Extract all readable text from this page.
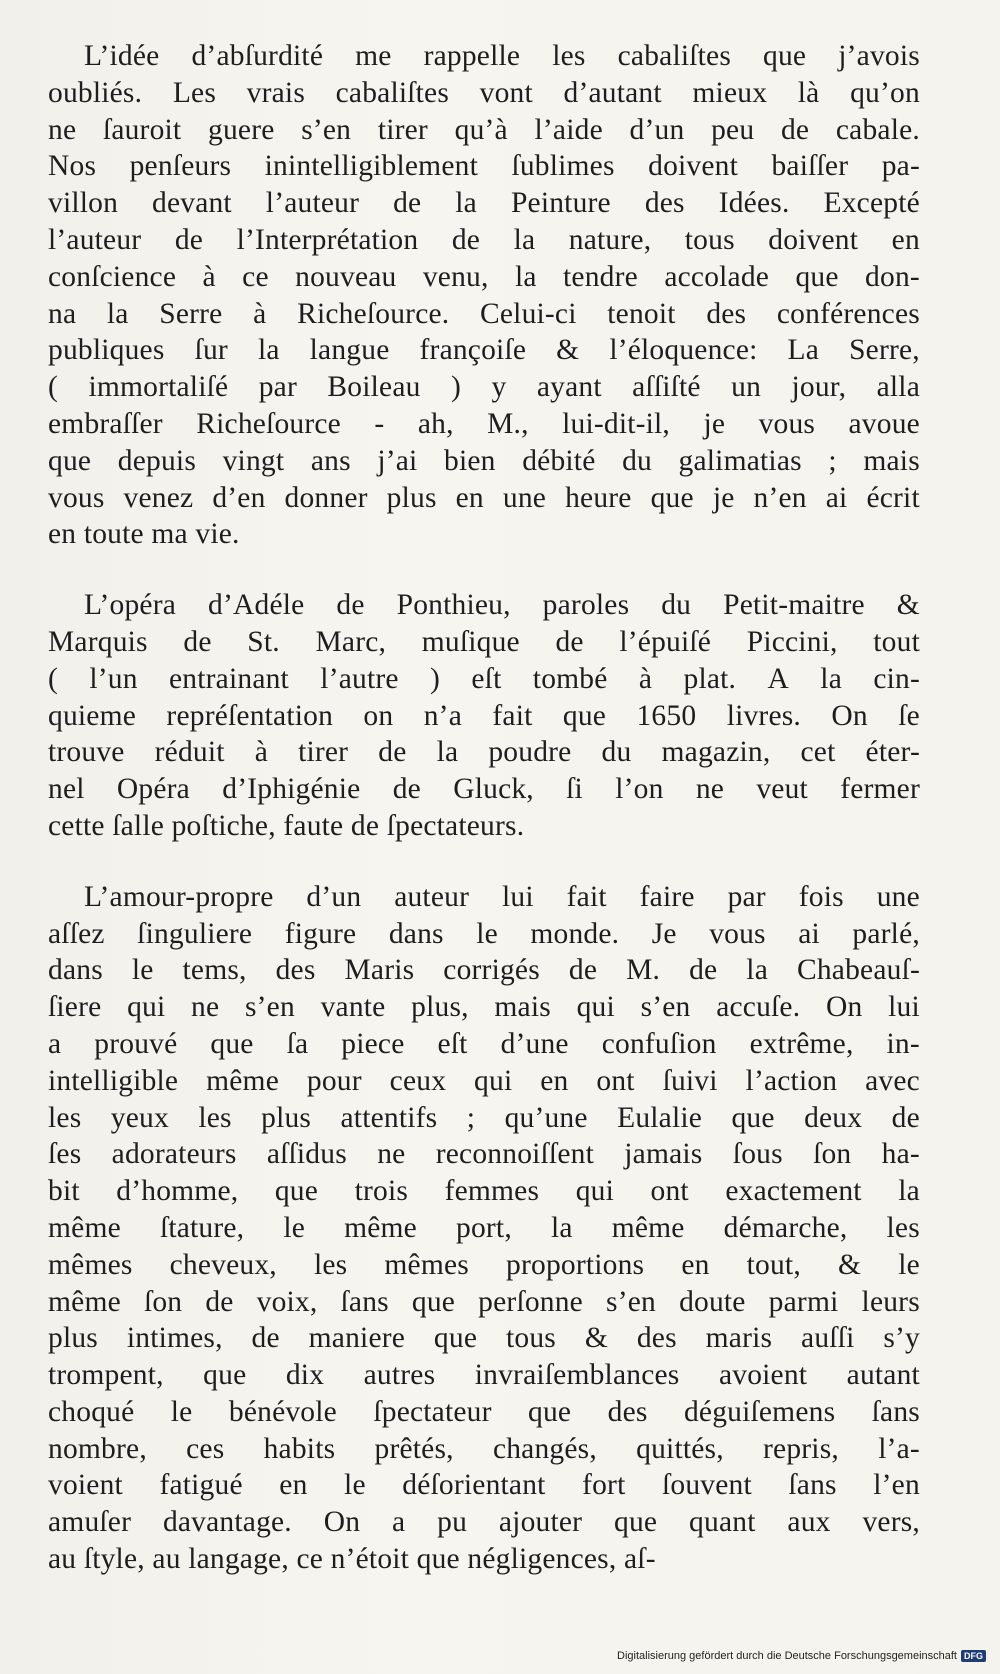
L’idée d’abſurdité me rappelle les cabaliſtes que j’avois
oubliés. Les vrais cabaliſtes vont d’autant mieux là qu’on
ne ſauroit guere s’en tirer qu’à l’aide d’un peu de cabale.
Nos penſeurs inintelligiblement ſublimes doivent baiſſer pa-
villon devant l’auteur de la Peinture des Idées. Excepté
l’auteur de l’Interprétation de la nature, tous doivent en
conſcience à ce nouveau venu, la tendre accolade que don-
na la Serre à Richeſource. Celui-ci tenoit des conférences
publiques ſur la langue françoiſe & l’éloquence: La Serre,
( immortaliſé par Boileau ) y ayant aſſiſté un jour, alla
embraſſer Richeſource - ah, M., lui-dit-il, je vous avoue
que depuis vingt ans j’ai bien débité du galimatias ; mais
vous venez d’en donner plus en une heure que je n’en ai écrit
en toute ma vie.
L’opéra d’Adéle de Ponthieu, paroles du Petit-maitre &
Marquis de St. Marc, muſique de l’épuiſé Piccini, tout
( l’un entrainant l’autre ) eſt tombé à plat. A la cin-
quieme repréſentation on n’a fait que 1650 livres. On ſe
trouve réduit à tirer de la poudre du magazin, cet éter-
nel Opéra d’Iphigénie de Gluck, ſi l’on ne veut fermer
cette ſalle poſtiche, faute de ſpectateurs.
L’amour-propre d’un auteur lui fait faire par fois une
aſſez ſinguliere figure dans le monde. Je vous ai parlé,
dans le tems, des Maris corrigés de M. de la Chabeauſ-
ſiere qui ne s’en vante plus, mais qui s’en accuſe. On lui
a prouvé que ſa piece eſt d’une confuſion extrême, in-
intelligible même pour ceux qui en ont ſuivi l’action avec
les yeux les plus attentifs ; qu’une Eulalie que deux de
ſes adorateurs aſſidus ne reconnoiſſent jamais ſous ſon ha-
bit d’homme, que trois femmes qui ont exactement la
même ſtature, le même port, la même démarche, les
mêmes cheveux, les mêmes proportions en tout, & le
même ſon de voix, ſans que perſonne s’en doute parmi leurs
plus intimes, de maniere que tous & des maris auſſi s’y
trompent, que dix autres invraiſemblances avoient autant
choqué le bénévole ſpectateur que des déguiſemens ſans
nombre, ces habits prêtés, changés, quittés, repris, l’a-
voient fatigué en le déſorientant fort ſouvent ſans l’en
amuſer davantage. On a pu ajouter que quant aux vers,
au ſtyle, au langage, ce n’étoit que négligences, aſ-
Digitalisierung gefördert durch die Deutsche Forschungsgemeinschaft DFG
